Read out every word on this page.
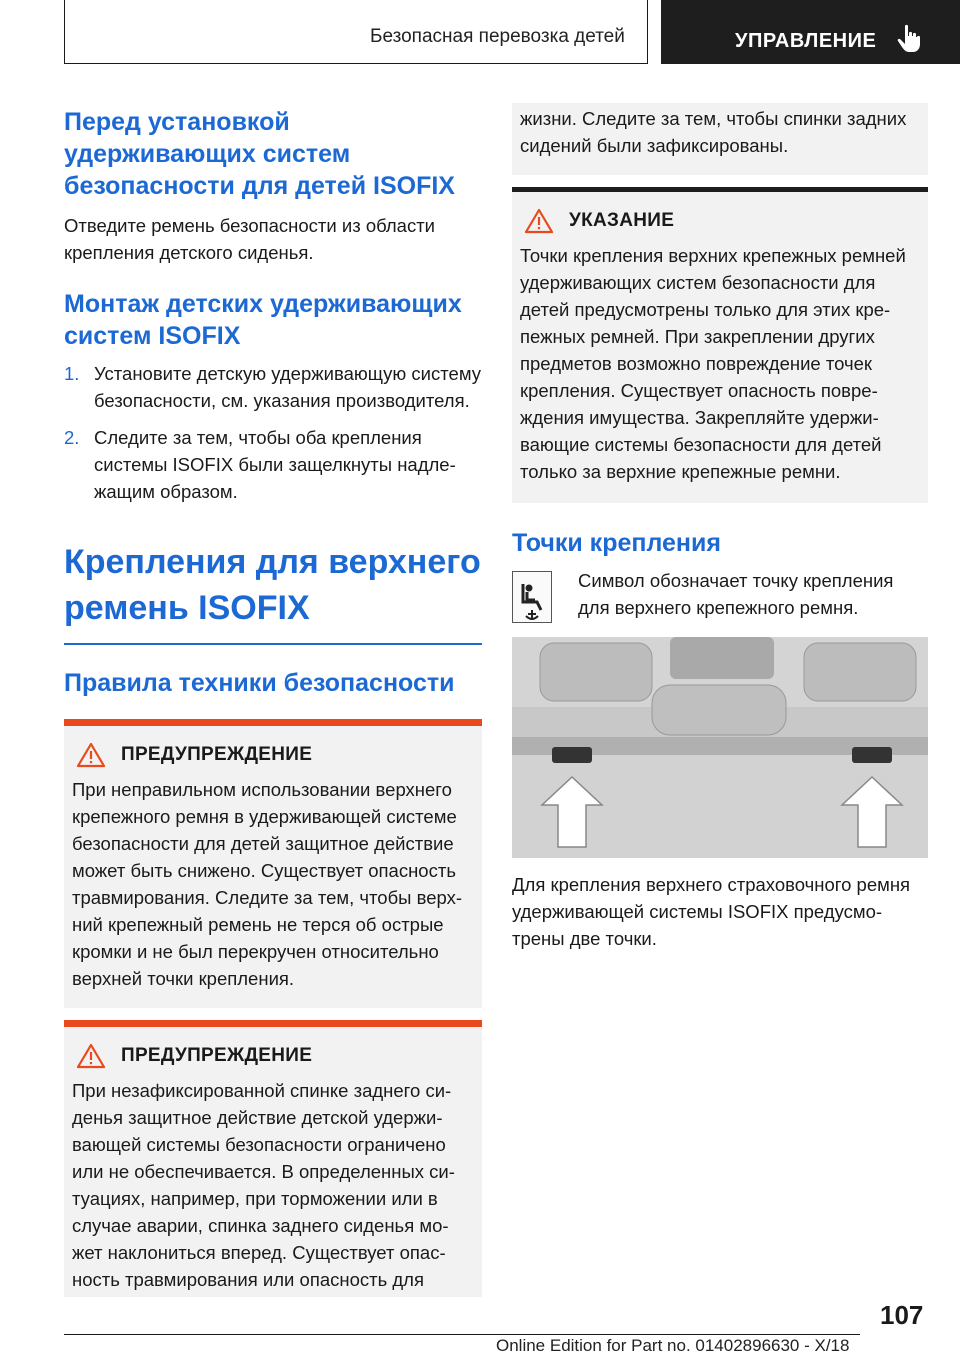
Безопасная перевозка детей	УПРАВЛЕНИЕ
Перед установкой удерживающих систем безопасности для детей ISOFIX

Отведите ремень безопасности из области крепления детского сиденья.

Монтаж детских удерживающих систем ISOFIX
1. Установите детскую удерживающую систему безопасности, см. указания производителя.
2. Следите за тем, чтобы оба крепления системы ISOFIX были защелкнуты надлежащим образом.
Крепления для верхнего ремень ISOFIX
Правила техники безопасности
ПРЕДУПРЕЖДЕНИЕ
При неправильном использовании верхнего крепежного ремня в удерживающей системе безопасности для детей защитное действие может быть снижено. Существует опасность травмирования. Следите за тем, чтобы верхний крепежный ремень не терся об острые кромки и не был перекручен относительно верхней точки крепления.
ПРЕДУПРЕЖДЕНИЕ
При незафиксированной спинке заднего сиденья защитное действие детской удерживающей системы безопасности ограничено или не обеспечивается. В определенных ситуациях, например, при торможении или в случае аварии, спинка заднего сиденья может наклониться вперед. Существует опасность травмирования или опасность для
жизни. Следите за тем, чтобы спинки задних сидений были зафиксированы.
УКАЗАНИЕ
Точки крепления верхних крепежных ремней удерживающих систем безопасности для детей предусмотрены только для этих крепежных ремней. При закреплении других предметов возможно повреждение точек крепления. Существует опасность повреждения имущества. Закрепляйте удерживающие системы безопасности для детей только за верхние крепежные ремни.
Точки крепления

Символ обозначает точку крепления для верхнего крепежного ремня.

Для крепления верхнего страховочного ремня удерживающей системы ISOFIX предусмотрены две точки.

107
Online Edition for Part no. 01402896630 - X/18
